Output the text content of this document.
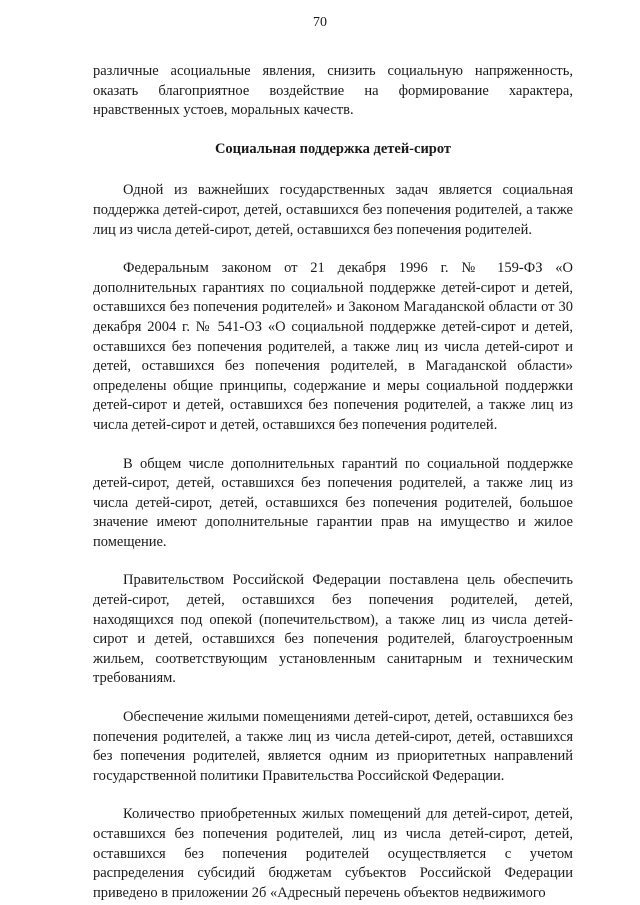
70

различные асоциальные явления, снизить социальную напряженность, оказать благоприятное воздействие на формирование характера, нравственных устоев, моральных качеств.

Социальная поддержка детей-сирот

Одной из важнейших государственных задач является социальная поддержка детей-сирот, детей, оставшихся без попечения родителей, а также лиц из числа детей-сирот, детей, оставшихся без попечения родителей.

Федеральным законом от 21 декабря 1996 г. № 159-ФЗ «О дополнительных гарантиях по социальной поддержке детей-сирот и детей, оставшихся без попечения родителей» и Законом Магаданской области от 30 декабря 2004 г. № 541-ОЗ «О социальной поддержке детей-сирот и детей, оставшихся без попечения родителей, а также лиц из числа детей-сирот и детей, оставшихся без попечения родителей, в Магаданской области» определены общие принципы, содержание и меры социальной поддержки детей-сирот и детей, оставшихся без попечения родителей, а также лиц из числа детей-сирот и детей, оставшихся без попечения родителей.

В общем числе дополнительных гарантий по социальной поддержке детей-сирот, детей, оставшихся без попечения родителей, а также лиц из числа детей-сирот, детей, оставшихся без попечения родителей, большое значение имеют дополнительные гарантии прав на имущество и жилое помещение.

Правительством Российской Федерации поставлена цель обеспечить детей-сирот, детей, оставшихся без попечения родителей, детей, находящихся под опекой (попечительством), а также лиц из числа детей-сирот и детей, оставшихся без попечения родителей, благоустроенным жильем, соответствующим установленным санитарным и техническим требованиям.

Обеспечение жилыми помещениями детей-сирот, детей, оставшихся без попечения родителей, а также лиц из числа детей-сирот, детей, оставшихся без попечения родителей, является одним из приоритетных направлений государственной политики Правительства Российской Федерации.

Количество приобретенных жилых помещений для детей-сирот, детей, оставшихся без попечения родителей, лиц из числа детей-сирот, детей, оставшихся без попечения родителей осуществляется с учетом распределения субсидий бюджетам субъектов Российской Федерации приведено в приложении 2б «Адресный перечень объектов недвижимого
